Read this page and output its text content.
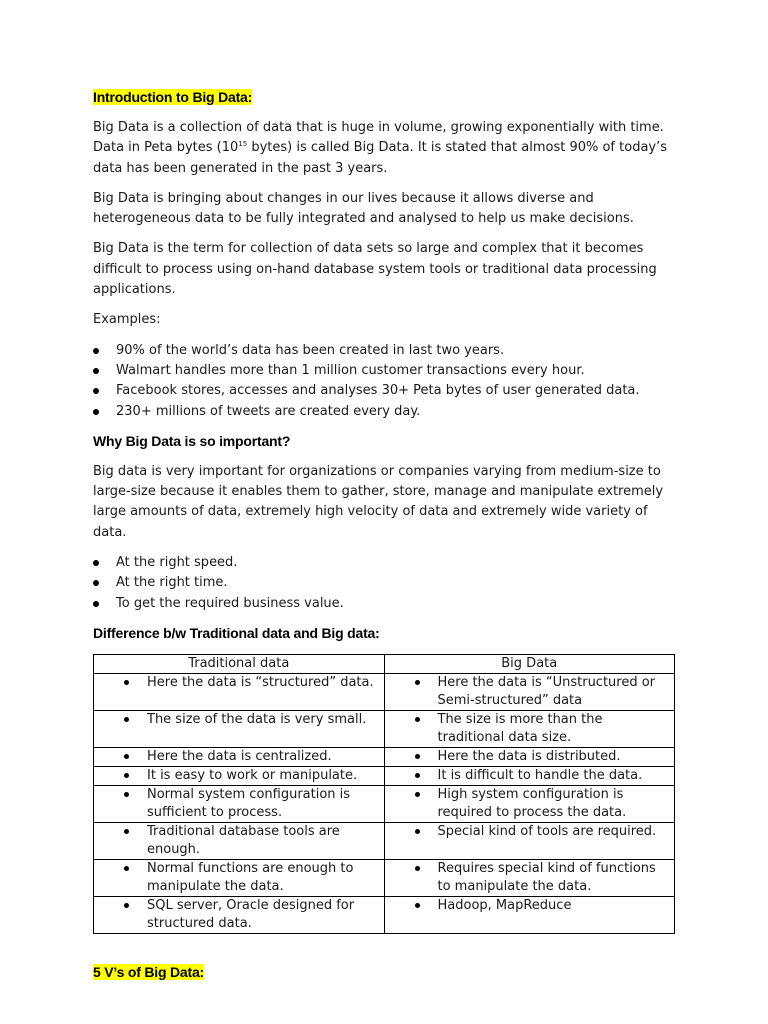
Introduction to Big Data:

Big Data is a collection of data that is huge in volume, growing exponentially with time. Data in Peta bytes ($10^{15}$ bytes) is called Big Data. It is stated that almost 90% of today’s data has been generated in the past 3 years.

Big Data is bringing about changes in our lives because it allows diverse and heterogeneous data to be fully integrated and analysed to help us make decisions.

Big Data is the term for collection of data sets so large and complex that it becomes difficult to process using on-hand database system tools or traditional data processing applications.

Examples:

90% of the world’s data has been created in last two years.
Walmart handles more than 1 million customer transactions every hour.
Facebook stores, accesses and analyses 30+ Peta bytes of user generated data.
230+ millions of tweets are created every day.
Why Big Data is so important?

Big data is very important for organizations or companies varying from medium-size to large-size because it enables them to gather, store, manage and manipulate extremely large amounts of data, extremely high velocity of data and extremely wide variety of data.

At the right speed.
At the right time.
To get the required business value.
Difference b/w Traditional data and Big data:
Traditional data	Big Data

Here the data is “structured” data.	Here the data is “Unstructured or Semi-structured” data

The size of the data is very small.	The size is more than the traditional data size.

Here the data is centralized.	Here the data is distributed.

It is easy to work or manipulate.	It is difficult to handle the data.

Normal system configuration is sufficient to process.	High system configuration is required to process the data.

Traditional database tools are enough.	Special kind of tools are required.

Normal functions are enough to manipulate the data.	Requires special kind of functions to manipulate the data.

SQL server, Oracle designed for structured data.	Hadoop, MapReduce
5 V’s of Big Data:
